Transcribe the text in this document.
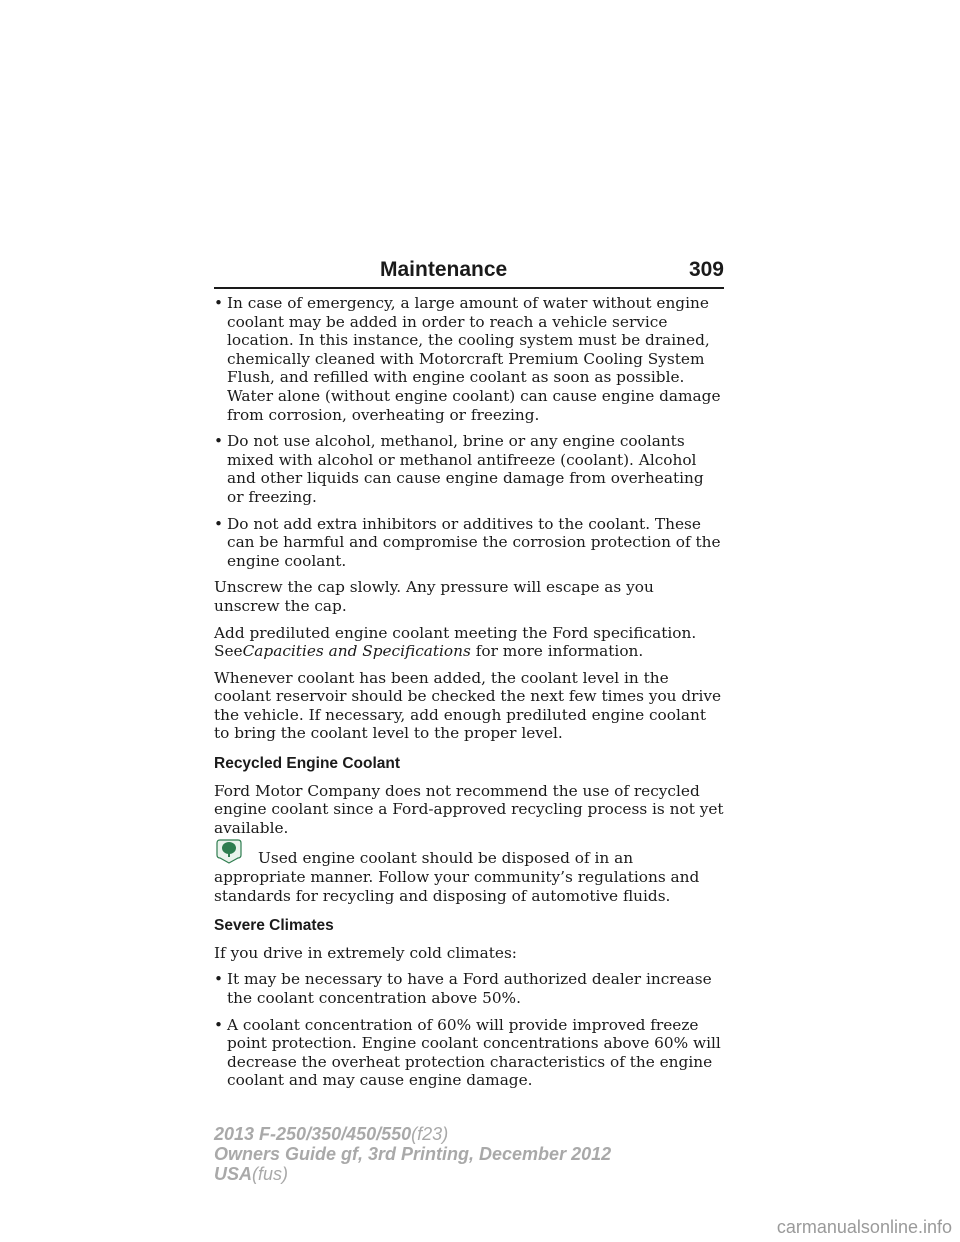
Maintenance	309
• In case of emergency, a large amount of water without engine coolant may be added in order to reach a vehicle service location. In this instance, the cooling system must be drained, chemically cleaned with Motorcraft Premium Cooling System Flush, and refilled with engine coolant as soon as possible. Water alone (without engine coolant) can cause engine damage from corrosion, overheating or freezing.
• Do not use alcohol, methanol, brine or any engine coolants mixed with alcohol or methanol antifreeze (coolant). Alcohol and other liquids can cause engine damage from overheating or freezing.
• Do not add extra inhibitors or additives to the coolant. These can be harmful and compromise the corrosion protection of the engine coolant.

Unscrew the cap slowly. Any pressure will escape as you unscrew the cap.

Add prediluted engine coolant meeting the Ford specification.
SeeCapacities and Specifications for more information.

Whenever coolant has been added, the coolant level in the coolant reservoir should be checked the next few times you drive the vehicle. If necessary, add enough prediluted engine coolant to bring the coolant level to the proper level.

Recycled Engine Coolant

Ford Motor Company does not recommend the use of recycled engine coolant since a Ford-approved recycling process is not yet available.

Used engine coolant should be disposed of in an appropriate manner. Follow your community’s regulations and standards for recycling and disposing of automotive fluids.

Severe Climates

If you drive in extremely cold climates:

• It may be necessary to have a Ford authorized dealer increase the coolant concentration above 50%.
• A coolant concentration of 60% will provide improved freeze point protection. Engine coolant concentrations above 60% will decrease the overheat protection characteristics of the engine coolant and may cause engine damage.
2013 F-250/350/450/550(f23)
Owners Guide gf, 3rd Printing, December 2012
USA(fus)
carmanualsonline.info
